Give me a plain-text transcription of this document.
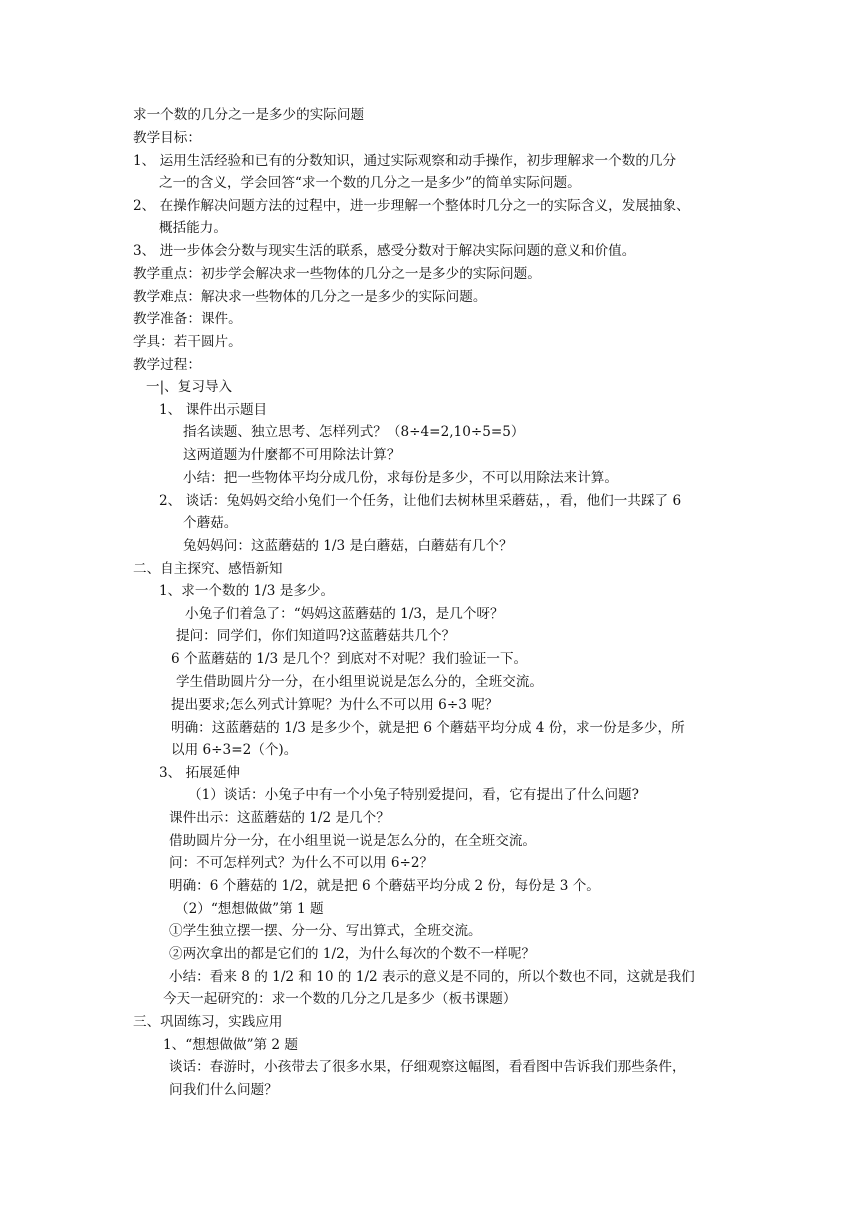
求一个数的几分之一是多少的实际问题
教学目标：
1、 运用生活经验和已有的分数知识，通过实际观察和动手操作，初步理解求一个数的几分
之一的含义，学会回答“求一个数的几分之一是多少”的简单实际问题。
2、 在操作解决问题方法的过程中，进一步理解一个整体时几分之一的实际含义，发展抽象、
概括能力。
3、 进一步体会分数与现实生活的联系，感受分数对于解决实际问题的意义和价值。
教学重点：初步学会解决求一些物体的几分之一是多少的实际问题。
教学难点：解决求一些物体的几分之一是多少的实际问题。
教学准备：课件。
学具：若干圆片。
教学过程：
一|、复习导入
1、 课件出示题目
指名读题、独立思考、怎样列式？（8÷4=2,10÷5=5）
这两道题为什麼都不可用除法计算？
小结：把一些物体平均分成几份，求每份是多少，不可以用除法来计算。
2、 谈话：兔妈妈交给小兔们一个任务，让他们去树林里采蘑菇，，看，他们一共踩了 6
个蘑菇。
兔妈妈问：这蓝蘑菇的 1/3 是白蘑菇，白蘑菇有几个？
二、自主探究、感悟新知
1、求一个数的 1/3 是多少。
小兔子们着急了：“妈妈这蓝蘑菇的 1/3，是几个呀？
提问：同学们，你们知道吗?这蓝蘑菇共几个？
6 个蓝蘑菇的 1/3 是几个？到底对不对呢？我们验证一下。
学生借助圆片分一分，在小组里说说是怎么分的，全班交流。
提出要求;怎么列式计算呢？为什么不可以用 6÷3 呢？
明确：这蓝蘑菇的 1/3 是多少个，就是把 6 个蘑菇平均分成 4 份，求一份是多少，所
以用 6÷3=2（个)。
3、 拓展延伸
（1）谈话：小兔子中有一个小兔子特别爱提问，看，它有提出了什么问题?
课件出示：这蓝蘑菇的 1/2 是几个？
借助圆片分一分，在小组里说一说是怎么分的，在全班交流。
问：不可怎样列式？为什么不可以用 6÷2？
明确：6 个蘑菇的 1/2，就是把 6 个蘑菇平均分成 2 份，每份是 3 个。
（2）“想想做做”第 1 题
①学生独立摆一摆、分一分、写出算式，全班交流。
②两次拿出的都是它们的 1/2，为什么每次的个数不一样呢？
小结：看来 8 的 1/2 和 10 的 1/2 表示的意义是不同的，所以个数也不同，这就是我们
今天一起研究的：求一个数的几分之几是多少（板书课题）
三、巩固练习，实践应用
1、“想想做做”第 2 题
谈话：春游时，小孩带去了很多水果，仔细观察这幅图，看看图中告诉我们那些条件，
问我们什么问题？
